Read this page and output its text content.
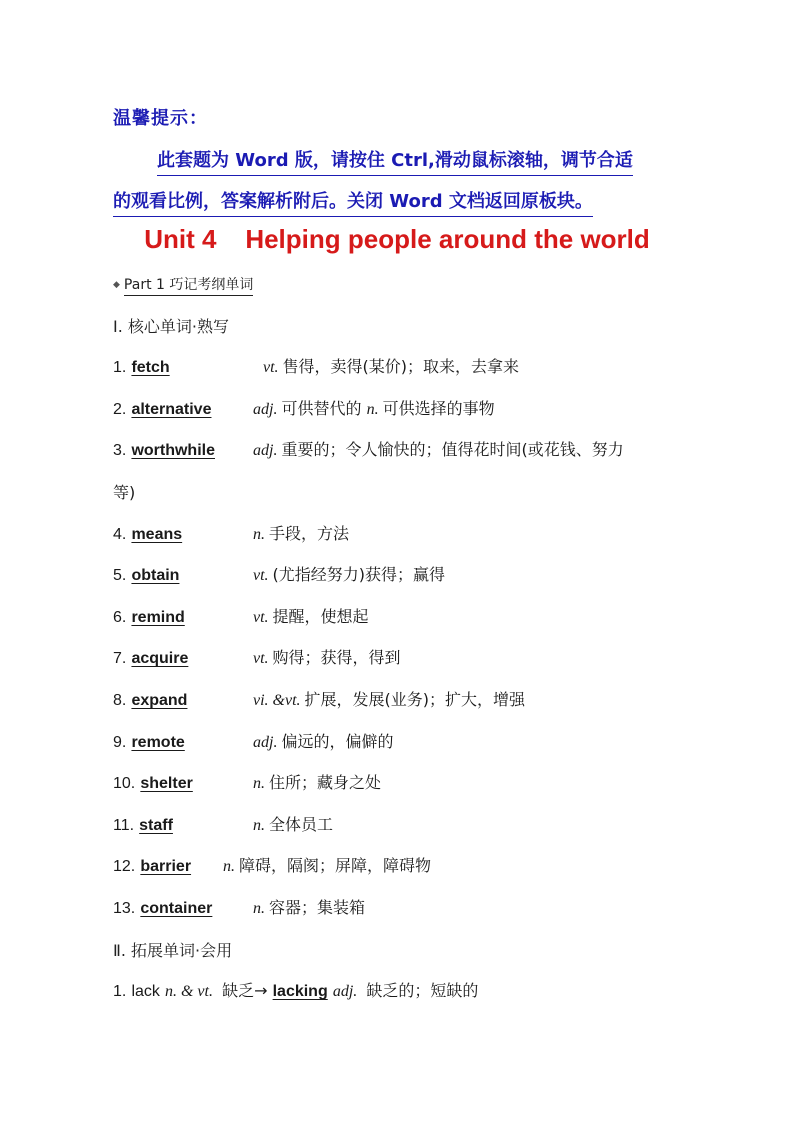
温馨提示：
此套题为 Word 版，请按住 Ctrl,滑动鼠标滚轴，调节合适
的观看比例，答案解析附后。关闭 Word 文档返回原板块。
Unit 4    Helping people around the world
◆ Part 1 巧记考纲单词
Ⅰ. 核心单词·熟写
1. fetch	vt. 售得，卖得(某价)；取来，去拿来
2. alternative	adj. 可供替代的 n. 可供选择的事物
3. worthwhile adj. 重要的；令人愉快的；值得花时间(或花钱、努力
等)
4. means	n. 手段，方法
5. obtain	vt. (尤指经努力)获得；赢得
6. remind	vt. 提醒，使想起
7. acquire	vt. 购得；获得，得到
8. expand	vi. &vt. 扩展，发展(业务)；扩大，增强
9. remote	adj. 偏远的，偏僻的
10. shelter	n. 住所；藏身之处
11. staff	n. 全体员工
12. barrier n. 障碍，隔阂；屏障，障碍物
13. container	n. 容器；集装箱
Ⅱ. 拓展单词·会用
1. lack n. & vt. 缺乏→ lacking adj. 缺乏的；短缺的
